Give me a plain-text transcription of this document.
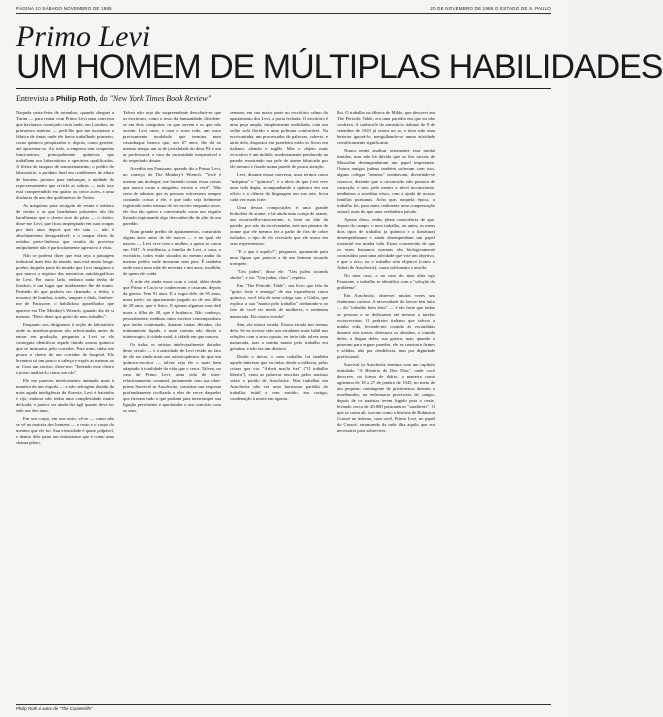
PÁGINA 10 SÁBADO NOVEMBRO DE 1985	20 DE NOVEMBRO DE 1985 O ESTADO DE S. PAULO
Primo Levi
UM HOMEM DE MÚLTIPLAS HABILIDADES
Entrevista a Philip Roth, do "New York Times Book Review"

Naquela sexta-feira de setembro, quando cheguei a Turim — para reatar com Primo Levi uma conversa que havíamos começado certa tarde, em Londres, na primavera anterior — pedi-lhe que me mostrasse a fábrica de tintas onde ele havia trabalhado primeiro, como químico pesquisador e, depois, como gerente, até aposentar-se. Ao todo, a empresa tem cinquenta funcionários, principalmente químicos que trabalham nos laboratórios e operários qualificados. A fileira de tanques de armazenamento, o prédio do laboratório, o produto final em contêineres de altura de homens, prontos para embarque, a unidade de reprocessamento que recicla as sobras — tudo isso está compreendido em quatro ou cinco acres, a uma distância de uns dez quilômetros de Turim.

As máquinas para secagem de resina e mistura de verniz e as que bombeiam poluentes são tão barulhentas que o cheiro acre do pátio — o cheiro, disse-me Levi, que ficou impregnado em suas roupas por dois anos depois que ele saiu — não é absolutamente desagradável; e o tanque cheio de resíduo preto-limboso que resulta do processo antipoluente não é particularmente agressivo à vista.

Não se poderia dizer que esta seja a paisagem industrial mais feia do mundo, mas está muito longe, porém, daquela parte do mundo que Levi imaginou e que marca o registro das narrativas autobiográficas de Levi. Por outro lado, embora nada tenha de literário, é um lugar que nitidamente lhe dá muito. Partindo do que poderia ser chamado, o fedor, o mosaico de bombas, tonéis, tanques e dials, lembrei-me de Faussone, o habilidoso aparelhador que aparece em The Monkey's Wrench, quando diz de si mesmo: "Devo dizer que gosto do meu trabalho".

Enquanto nos dirigíamos à seção de laboratório onde as matérias-primas são selecionadas antes de entrar em produção, perguntei a Levi se ele conseguia identificar aquele tímido aroma químico que se insinuava pelo corredor. Para mim, tinha um pouco o cheiro de um corredor de hospital. Ele levantou só um pouco a cabeça e expôs as narinas ao ar. Com um sorriso, disse-me: "Entendo esse cheiro e posso analisá-lo como um cão".

Ele me pareceu interiormente animado mais à maneira de um esquilo — e não selvagem dotado da mais aguda inteligência da floresta. Levi é baixinho e rijo, embora não tenha uma complexidade muito delicada, e parece ser ainda tão ágil quanto deve ter sido aos dez anos.

Em seu corpo, em seu rosto, vê-se — como não se vê na maioria dos homens — o rosto e o corpo do menino que ele foi. Sua vivacidade é quase palpável, e dentro dele paira um entusiasmo que é como uma chama piloto.

Talvez não seja tão surpreendente descobrir-se que os escritores, como o resto da humanidade, dividem-se em dois categorias: os que ouvem e os que não ouvem. Levi ouve, e com o rosto todo, um rosto precisamente modelado que termina num cavanhaque branco que, aos 67 anos, lhe dá ao mesmo tempo um ar de jovialidade do deus Pã e um ar professoral, a cara da curiosidade irreprimível e do respeitado doutor.

Acredito em Faussone, quando diz a Primo Levi, no começo de The Monkey's Wrench: "Você é mesmo um moleque, me fazendo contar essas coisas que nunca conto a ninguém, exceto a você". Não seria de admirar que as pessoas estivessem sempre contando coisas a ele, e que tudo seja fielmente registrado antes mesmo de ser escrito enquanto ouve, ele fica tão quieto e concentrado como um esquilo listrado espionando algo desconhecido do alto de um paredão.

Num grande prédio de apartamentos, construído alguns anos antes de ele nascer — e no qual ele nasceu — Levi vive com a mulher, a quem se casou em 1947. A residência, a família de Levi, a casa, o escritório, todos estão situados no mesmo andar do mesmo prédio onde moraram seus pais. É também onde mora uma mãe de noventa e um anos, inválida, de quem ele cuida.

À mãe ele ainda mora com o casal, além desde que Primo e Lucia se conheceram e casaram, depois da guerra. Tem 91 anos. E a sogra dele, de 95 anos, mora perto, no apartamento pegado ao de seu filho de 28 anos, que é físico. E apenas algumas ruas dali mora a filha de 38, que é botânica. Não conheço, pessoalmente, nenhum outro escritor contemporâneo que tenha continuado, durante tantas décadas, tão intimamente ligado, e num contato não direto e ininterrupto, à cidade natal, à cidade em que nasceu.

Os todos os artistas intelectualmente dotados deste século — e a unicidade de Levi reside no fato de ele ser ainda mais um artista-químico do que um químico-escritor — talvez seja ele o mais bem adaptado à totalidade da vida que o cerca. Talvez, no caso de Primo Levi, uma vida de inter-relacionamento comunal, juntamente com sua obra-prima Survival in Auschwitz, constitua sua resposta profundamente civilizada a eles de verve daqueles que fizeram tudo o que podiam para interromper sua ligação persistente e aprofundar o seu convívio com os seus.

semana, em sua maior parte no escritório calmo do apartamento dos Levi, a porta fechada. O escritório é uma peça ampla, simplesmente mobiliada, com um velho sofá florido e uma poltrona confortável. Na escrivaninha, um processador de palavras, coberto, e atrás dela, dispostos em prateleira estão os livros em italiano, alemão e inglês. Mas o objeto mais evocativo é um móbile, modestamente pendurado na parede, mostrando sua pele de arame fabricado por ele mesmo e fixado numa parede de pouca atenção.

Levi, durante nossa conversa, usou termos como "máquina" e "químico", e a ideia de que Levi teve uma vida dupla, acompanhando a química em seu ofício e a ciência da linguagem em sua arte, ficou cada vez mais forte.

Uma dessas composições é uma grande borboleta de arame, e há ainda uma coruja de arame, um escaravelho-rinoceronte, e, bem no alto da parede, por trás da escrivaninha, está um pássaro de arame que ele mesmo fez a partir de fios de cobre isolados, o tipo de fio revestido que ele usava em seus experimentos.

"E o que é aquilo?", perguntei, apontando para uma figura que parecia a de um homem tocando trompete.

"Um judeu", disse ele. "Um judeu tocando shofar", e riu. "Um judeu, claro", repetiu.

Em "The Periodic Table", seu livro que fala da "gosto forte e amargo" de sua experiência como químico, você fala de uma colega sua, a Giulia, que explica a sua "mania pelo trabalho" atribuindo-a ao fato de você ter medo de mulheres, e nenhuma namorada. Ela estava errada?

Sim, ela estava errada. Estava errada nos termos dela. Se eu tivesse sido um estudante mais hábil nas relações com o sexo oposto, eu teria tido talvez uma namorada, mas a minha mania pelo trabalho era genuína, e não era um disfarce.

Desde o início, o meu trabalho foi também aquele interesse que eu tinha, desde a infância, pelas coisas que via. "Arbeit macht frei" ("O trabalho liberta"), eram as palavras inscritas pelos nazistas sobre o portão de Auschwitz. Mas trabalhar em Auschwitz não era uma horrorosa paródia do trabalho, inútil e sem sentido, era castigo, condenação à morte em agonia.

lho. O trabalho na fábrica de Milão, que descrevi em The Periodic Table, era uma paródia em que eu não confiava. A catástrofe do armistício italiano de 8 de setembro de 1943 já estava no ar, e teria sido uma besteira ignorá-lo, mergulhando-se numa atividade cientificamente significante.

Nunca tentei analisar seriamente essa minha timidez, mas não há dúvida que as leis raciais de Mussolini desempenharam um papel importante. Outros amigos judeus também sofreram com isso, alguns colegas "arianos" zombavam, divertindo-se conosco, dizendo que a circuncisão não passava de castração, e nós, pelo menos a nível inconsciente, tendíamos a acreditar nisso, com a ajuda de nossas famílias puritanas. Acho que, naquela época, o trabalho foi, para mim, realmente uma compensação sexual, mais do que uma verdadeira paixão.

Apesar disso, tenho plena consciência de que, depois do campo, o meu trabalho, ou antes, os meus dois tipos de trabalho (a química e a literatura) desempenharam e ainda desempenham um papel essencial em minha vida. Estou convencido de que os seres humanos normais são biologicamente construídos para uma atividade que vise um objetivo, e que o ócio, ou o trabalho sem objetivo (como o Arbeit de Auschwitz), causa sofrimento e atrofia.

No meu caso, e no caso do meu alter ego Faussone, o trabalho se identifica com a "solução do problema".

Em Auschwitz, observei muitas vezes um fenômeno curioso. A necessidade do lavoro ben fatto — do "trabalho bem feito" — é tão forte que induz as pessoas a se dedicarem até mesmo a tarefas escravocratas. O pedreiro italiano que salvou a minha vida, levando-me comida às escondidas durante seis meses, detestava os alemães, a comida deles, a língua deles, sua guerra; mas, quando o puseram para erguer paredes, ele as construiu firmes e sólidas, não por obediência, mas por dignidade profissional.

Survival in Auschwitz termina com um capítulo intitulado "A História de Dez Dias", onde você descreve, na forma de diário, a maneira como agüentou de 18 a 27 de janeiro de 1945, no meio de um pequeno contingente de prisioneiros doentes e moribundos, na enfermaria provisória do campo, depois de os nazistas terem fugido para o oeste, levando cerca de 20.000 prisioneiros "saudáveis". O que se conta ali, soa-me como a história de Robinson Crusoé no inferno, com você, Primo Levi, no papel do Crusoé, arrancando da rude ilha aquilo que era necessário para sobreviver.

Philip Roth é autor de "The Counterlife"
